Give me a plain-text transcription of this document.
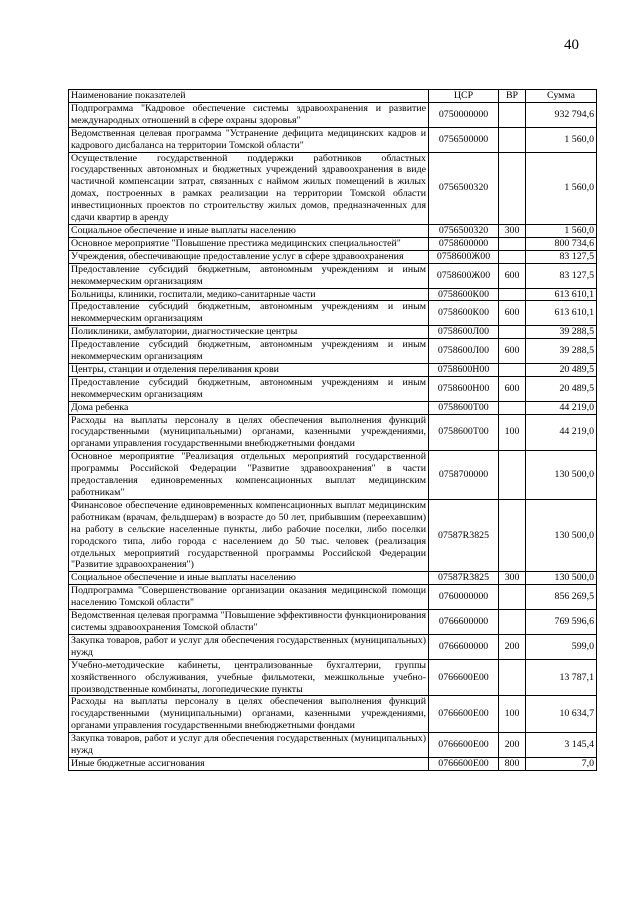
40
Наименование показателей	ЦСР	ВР	Сумма
Подпрограмма "Кадровое обеспечение системы здравоохранения и развитие международных отношений в сфере охраны здоровья"	0750000000		932 794,6
Ведомственная целевая программа "Устранение дефицита медицинских кадров и кадрового дисбаланса на территории Томской области"	0756500000		1 560,0
Осуществление государственной поддержки работников областных государственных автономных и бюджетных учреждений здравоохранения в виде частичной компенсации затрат, связанных с наймом жилых помещений в жилых домах, построенных в рамках реализации на территории Томской области инвестиционных проектов по строительству жилых домов, предназначенных для сдачи квартир в аренду	0756500320		1 560,0
Социальное обеспечение и иные выплаты населению	0756500320	300	1 560,0
Основное мероприятие "Повышение престижа медицинских специальностей"	0758600000		800 734,6
Учреждения, обеспечивающие предоставление услуг в сфере здравоохранения	0758600Ж00		83 127,5
Предоставление субсидий бюджетным, автономным учреждениям и иным некоммерческим организациям	0758600Ж00	600	83 127,5
Больницы, клиники, госпитали, медико-санитарные части	0758600К00		613 610,1
Предоставление субсидий бюджетным, автономным учреждениям и иным некоммерческим организациям	0758600К00	600	613 610,1
Поликлиники, амбулатории, диагностические центры	0758600Л00		39 288,5
Предоставление субсидий бюджетным, автономным учреждениям и иным некоммерческим организациям	0758600Л00	600	39 288,5
Центры, станции и отделения переливания крови	0758600Н00		20 489,5
Предоставление субсидий бюджетным, автономным учреждениям и иным некоммерческим организациям	0758600Н00	600	20 489,5
Дома ребенка	0758600Т00		44 219,0
Расходы на выплаты персоналу в целях обеспечения выполнения функций государственными (муниципальными) органами, казенными учреждениями, органами управления государственными внебюджетными фондами	0758600Т00	100	44 219,0
Основное мероприятие "Реализация отдельных мероприятий государственной программы Российской Федерации "Развитие здравоохранения" в части предоставления единовременных компенсационных выплат медицинским работникам"	0758700000		130 500,0
Финансовое обеспечение единовременных компенсационных выплат медицинским работникам (врачам, фельдшерам) в возрасте до 50 лет, прибывшим (переехавшим) на работу в сельские населенные пункты, либо рабочие поселки, либо поселки городского типа, либо города с населением до 50 тыс. человек (реализация отдельных мероприятий государственной программы Российской Федерации "Развитие здравоохранения")	07587R3825		130 500,0
Социальное обеспечение и иные выплаты населению	07587R3825	300	130 500,0
Подпрограмма "Совершенствование организации оказания медицинской помощи населению Томской области"	0760000000		856 269,5
Ведомственная целевая программа "Повышение эффективности функционирования системы здравоохранения Томской области"	0766600000		769 596,6
Закупка товаров, работ и услуг для обеспечения государственных (муниципальных) нужд	0766600000	200	599,0
Учебно-методические кабинеты, централизованные бухгалтерии, группы хозяйственного обслуживания, учебные фильмотеки, межшкольные учебно-производственные комбинаты, логопедические пункты	0766600Е00		13 787,1
Расходы на выплаты персоналу в целях обеспечения выполнения функций государственными (муниципальными) органами, казенными учреждениями, органами управления государственными внебюджетными фондами	0766600Е00	100	10 634,7
Закупка товаров, работ и услуг для обеспечения государственных (муниципальных) нужд	0766600Е00	200	3 145,4
Иные бюджетные ассигнования	0766600Е00	800	7,0
